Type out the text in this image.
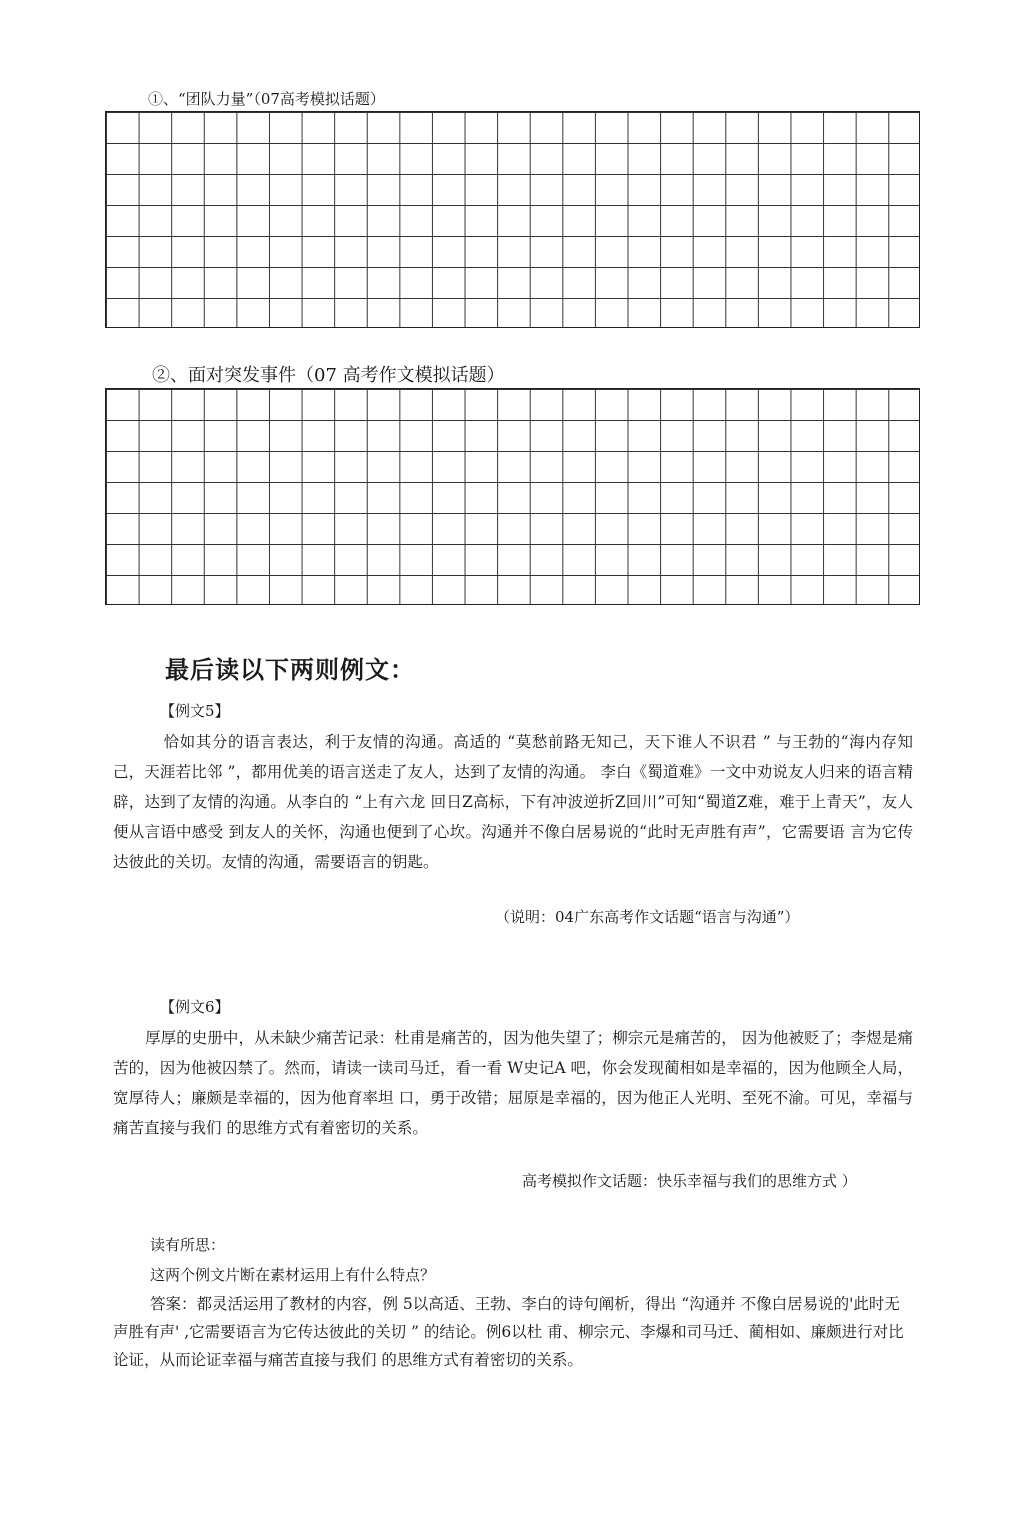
①、“团队力量”（07高考模拟话题）
②、面对突发事件（07 高考作文模拟话题）
最后读以下两则例文：
【例文5】
恰如其分的语言表达，利于友情的沟通。高适的 “莫愁前路无知己，天下谁人不识君 ” 与王勃的“海内存知己，天涯若比邻 ”，都用优美的语言送走了友人，达到了友情的沟通。 李白《蜀道难》一文中劝说友人归来的语言精辟，达到了友情的沟通。从李白的 “上有六龙 回日Z高标，下有冲波逆折Z回川”可知“蜀道Z难，难于上青天”，友人便从言语中感受 到友人的关怀，沟通也便到了心坎。沟通并不像白居易说的“此时无声胜有声”，它需要语 言为它传达彼此的关切。友情的沟通，需要语言的钥匙。
（说明：04广东高考作文话题“语言与沟通”）
【例文6】
厚厚的史册中，从未缺少痛苦记录：杜甫是痛苦的，因为他失望了；柳宗元是痛苦的， 因为他被贬了；李煜是痛苦的，因为他被囚禁了。然而，请读一读司马迁，看一看 W史记A 吧，你会发现蔺相如是幸福的，因为他顾全人局，宽厚待人；廉颇是幸福的，因为他育率坦 口，勇于改错；屈原是幸福的，因为他正人光明、至死不渝。可见，幸福与痛苦直接与我们 的思维方式有着密切的关系。
高考模拟作文话题：快乐幸福与我们的思维方式 ）
读有所思：
这两个例文片断在素材运用上有什么特点？
答案：都灵活运用了教材的内容，例 5以高适、王勃、李白的诗句阐析，得出 “沟通并 不像白居易说的'此时无声胜有声' ,它需要语言为它传达彼此的关切 ” 的结论。例6以杜 甫、柳宗元、李爆和司马迁、蔺相如、廉颇进行对比论证，从而论证幸福与痛苦直接与我们 的思维方式有着密切的关系。
